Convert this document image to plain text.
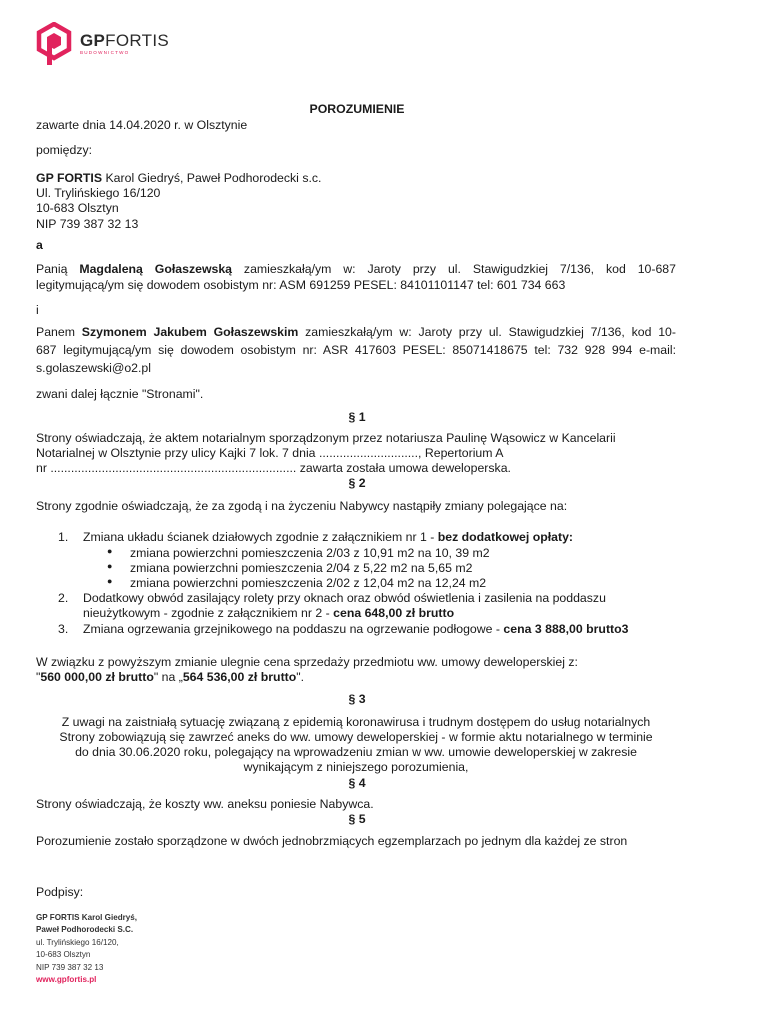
GPFORTIS
BUDOWNICTWO
POROZUMIENIE
zawarte dnia 14.04.2020 r. w Olsztynie
pomiędzy:
GP FORTIS Karol Giedryś, Paweł Podhorodecki s.c.
Ul. Trylińskiego 16/120
10-683 Olsztyn
NIP 739 387 32 13
a
Panią Magdaleną Gołaszewską zamieszkałą/ym w: Jaroty przy ul. Stawigudzkiej 7/136, kod 10-687
legitymującą/ym się dowodem osobistym nr: ASM 691259 PESEL: 84101101147 tel: 601 734 663
i
Panem Szymonem Jakubem Gołaszewskim zamieszkałą/ym w: Jaroty przy ul. Stawigudzkiej 7/136, kod 10-
687 legitymującą/ym się dowodem osobistym nr: ASR 417603 PESEL: 85071418675 tel: 732 928 994 e-mail:
s.golaszewski@o2.pl
zwani dalej łącznie "Stronami".
§ 1
Strony oświadczają, że aktem notarialnym sporządzonym przez notariusza Paulinę Wąsowicz w Kancelarii
Notarialnej w Olsztynie przy ulicy Kajki 7 lok. 7 dnia ............................., Repertorium A
nr ........................................................................ zawarta została umowa deweloperska.
§ 2
Strony zgodnie oświadczają, że za zgodą i na życzeniu Nabywcy nastąpiły zmiany polegające na:
1. Zmiana układu ścianek działowych zgodnie z załącznikiem nr 1 - bez dodatkowej opłaty:
● zmiana powierzchni pomieszczenia 2/03 z 10,91 m2 na 10, 39 m2
● zmiana powierzchni pomieszczenia 2/04 z 5,22 m2 na 5,65 m2
● zmiana powierzchni pomieszczenia 2/02 z 12,04 m2 na 12,24 m2
2. Dodatkowy obwód zasilający rolety przy oknach oraz obwód oświetlenia i zasilenia na poddaszu
nieużytkowym - zgodnie z załącznikiem nr 2 - cena 648,00 zł brutto
3. Zmiana ogrzewania grzejnikowego na poddaszu na ogrzewanie podłogowe - cena 3 888,00 brutto3
W związku z powyższym zmianie ulegnie cena sprzedaży przedmiotu ww. umowy deweloperskiej z:
"560 000,00 zł brutto" na „564 536,00 zł brutto".
§ 3
Z uwagi na zaistniałą sytuację związaną z epidemią koronawirusa i trudnym dostępem do usług notarialnych
Strony zobowiązują się zawrzeć aneks do ww. umowy deweloperskiej - w formie aktu notarialnego w terminie
do dnia 30.06.2020 roku, polegający na wprowadzeniu zmian w ww. umowie deweloperskiej w zakresie
wynikającym z niniejszego porozumienia,
§ 4
Strony oświadczają, że koszty ww. aneksu poniesie Nabywca.
§ 5
Porozumienie zostało sporządzone w dwóch jednobrzmiących egzemplarzach po jednym dla każdej ze stron
Podpisy:
GP FORTIS Karol Giedryś,
Paweł Podhorodecki S.C.
ul. Trylińskiego 16/120,
10-683 Olsztyn
NIP 739 387 32 13
www.gpfortis.pl
